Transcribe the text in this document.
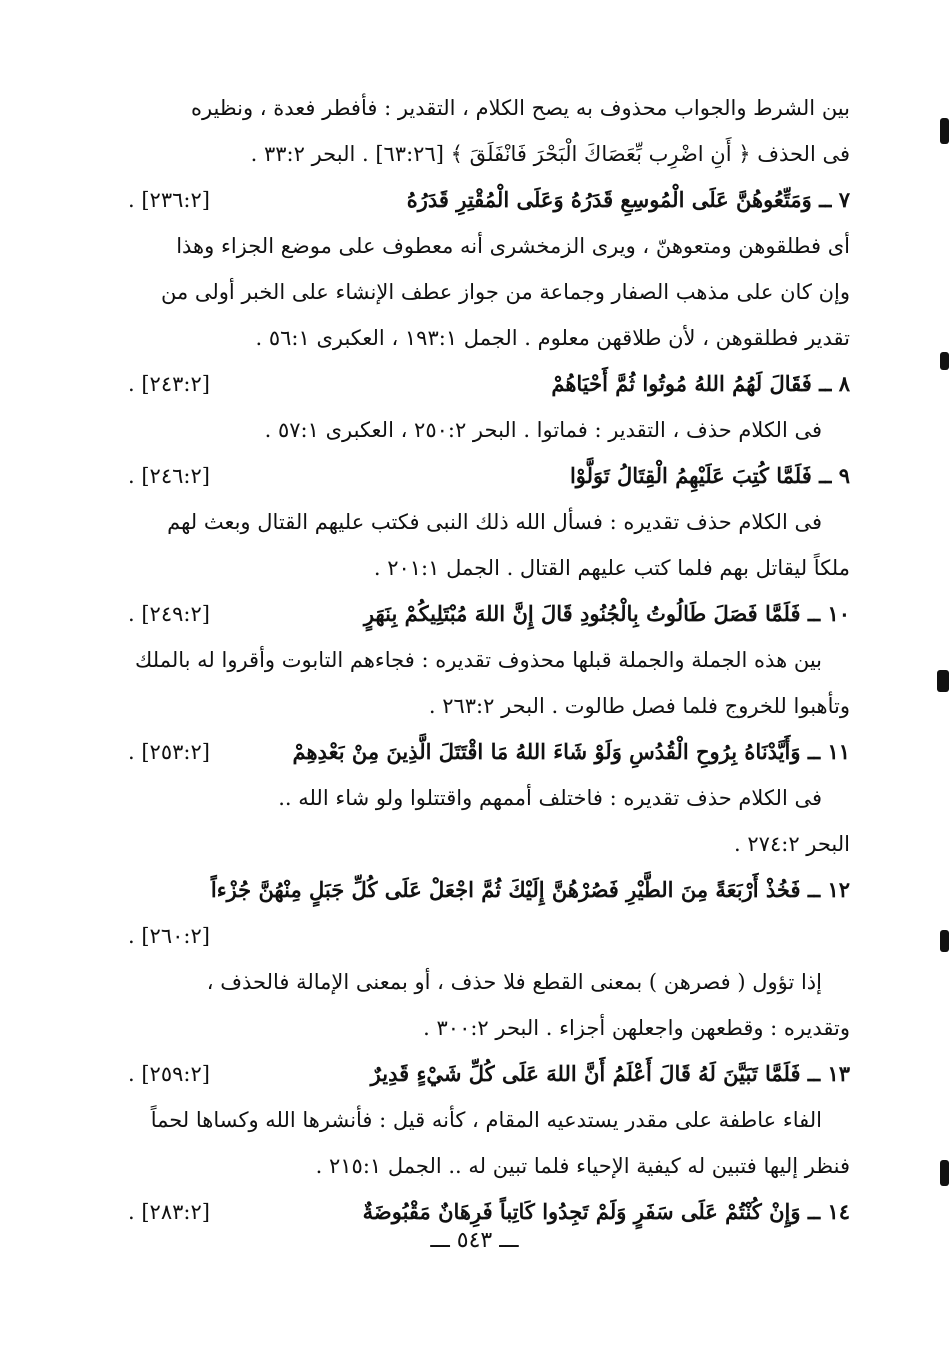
بين الشرط والجواب محذوف به يصح الكلام ، التقدير : فأفطر فعدة ، ونظيره
فى الحذف ﴿ أَنِ اضْرِب بِّعَصَاكَ الْبَحْرَ فَانْفَلَقَ ﴾ [٦٣:٢٦] . البحر ٣٣:٢ .
٧ ــ وَمَتِّعُوهُنَّ عَلَى الْمُوسِعِ قَدَرُهُ وَعَلَى الْمُقْتِرِ قَدَرُهُ
[٢٣٦:٢] .
أى فطلقوهن ومتعوهنّ ، ويرى الزمخشرى أنه معطوف على موضع الجزاء وهذا
وإن كان على مذهب الصفار وجماعة من جواز عطف الإنشاء على الخبر أولى من
تقدير فطلقوهن ، لأن طلاقهن معلوم . الجمل ١٩٣:١ ، العكبرى ٥٦:١ .
٨ ــ فَقَالَ لَهُمُ اللهُ مُوتُوا ثُمَّ أَحْيَاهُمْ
[٢٤٣:٢] .
فى الكلام حذف ، التقدير : فماتوا . البحر ٢٥٠:٢ ، العكبرى ٥٧:١ .
٩ ــ فَلَمَّا كُتِبَ عَلَيْهِمُ الْقِتَالُ تَوَلَّوْا
[٢٤٦:٢] .
فى الكلام حذف تقديره : فسأل الله ذلك النبى فكتب عليهم القتال وبعث لهم
ملكاً ليقاتل بهم فلما كتب عليهم القتال . الجمل ٢٠١:١ .
١٠ ــ فَلَمَّا فَصَلَ طَالُوتُ بِالْجُنُودِ قَالَ إِنَّ اللهَ مُبْتَلِيكُمْ بِنَهَرٍ
[٢٤٩:٢] .
بين هذه الجملة والجملة قبلها محذوف تقديره : فجاءهم التابوت وأقروا له بالملك
وتأهبوا للخروج فلما فصل طالوت . البحر ٢٦٣:٢ .
١١ ــ وَأَيَّدْنَاهُ بِرُوحِ الْقُدُسِ وَلَوْ شَاءَ اللهُ مَا اقْتَتَلَ الَّذِينَ مِنْ بَعْدِهِمْ
[٢٥٣:٢] .
فى الكلام حذف تقديره : فاختلف أممهم واقتتلوا ولو شاء الله ..
البحر ٢٧٤:٢ .
١٢ ــ فَخُذْ أَرْبَعَةً مِنَ الطَّيْرِ فَصُرْهُنَّ إِلَيْكَ ثُمَّ اجْعَلْ عَلَى كُلِّ جَبَلٍ مِنْهُنَّ جُزْءاً
[٢٦٠:٢] .
إذا تؤول ( فصرهن ) بمعنى القطع فلا حذف ، أو بمعنى الإمالة فالحذف ،
وتقديره : وقطعهن واجعلهن أجزاء . البحر ٣٠٠:٢ .
١٣ ــ فَلَمَّا تَبَيَّنَ لَهُ قَالَ أَعْلَمُ أَنَّ اللهَ عَلَى كُلِّ شَيْءٍ قَدِيرٌ
[٢٥٩:٢] .
الفاء عاطفة على مقدر يستدعيه المقام ، كأنه قيل : فأنشرها الله وكساها لحماً
فنظر إليها فتبين له كيفية الإحياء فلما تبين له .. الجمل ٢١٥:١ .
١٤ ــ وَإِنْ كُنْتُمْ عَلَى سَفَرٍ وَلَمْ تَجِدُوا كَاتِباً فَرِهَانٌ مَقْبُوضَةٌ
[٢٨٣:٢] .
ـــ ٥٤٣ ـــ
